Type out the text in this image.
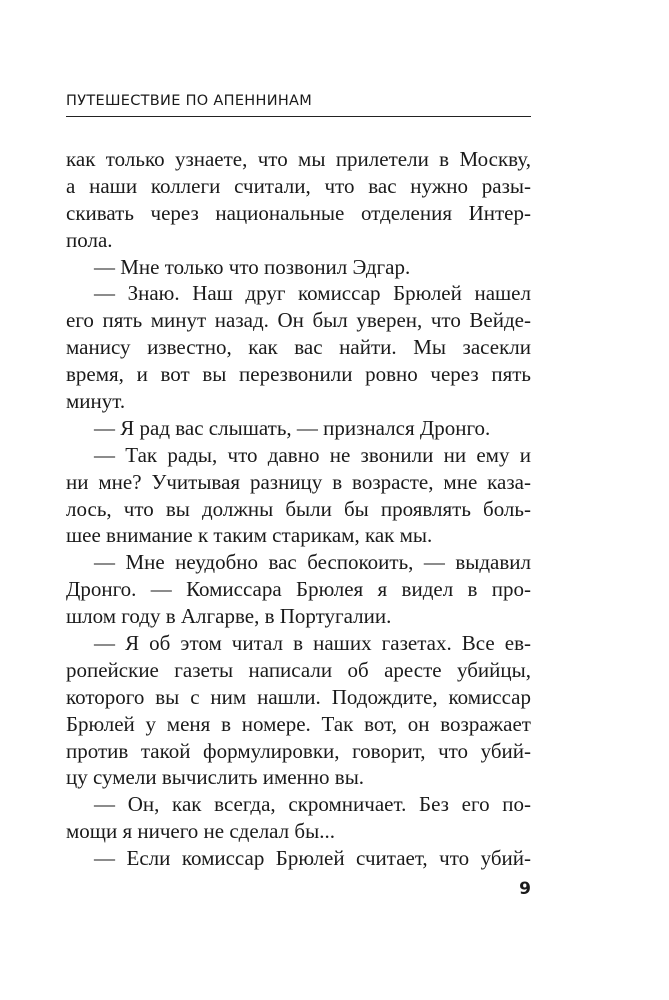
ПУТЕШЕСТВИЕ ПО АПЕННИНАМ
как только узнаете, что мы прилетели в Москву,
а наши коллеги считали, что вас нужно разы-
скивать через национальные отделения Интер-
пола.
— Мне только что позвонил Эдгар.
— Знаю. Наш друг комиссар Брюлей нашел
его пять минут назад. Он был уверен, что Вейде-
манису известно, как вас найти. Мы засекли
время, и вот вы перезвонили ровно через пять
минут.
— Я рад вас слышать, — признался Дронго.
— Так рады, что давно не звонили ни ему и
ни мне? Учитывая разницу в возрасте, мне каза-
лось, что вы должны были бы проявлять боль-
шее внимание к таким старикам, как мы.
— Мне неудобно вас беспокоить, — выдавил
Дронго. — Комиссара Брюлея я видел в про-
шлом году в Алгарве, в Португалии.
— Я об этом читал в наших газетах. Все ев-
ропейские газеты написали об аресте убийцы,
которого вы с ним нашли. Подождите, комиссар
Брюлей у меня в номере. Так вот, он возражает
против такой формулировки, говорит, что убий-
цу сумели вычислить именно вы.
— Он, как всегда, скромничает. Без его по-
мощи я ничего не сделал бы...
— Если комиссар Брюлей считает, что убий-
9
